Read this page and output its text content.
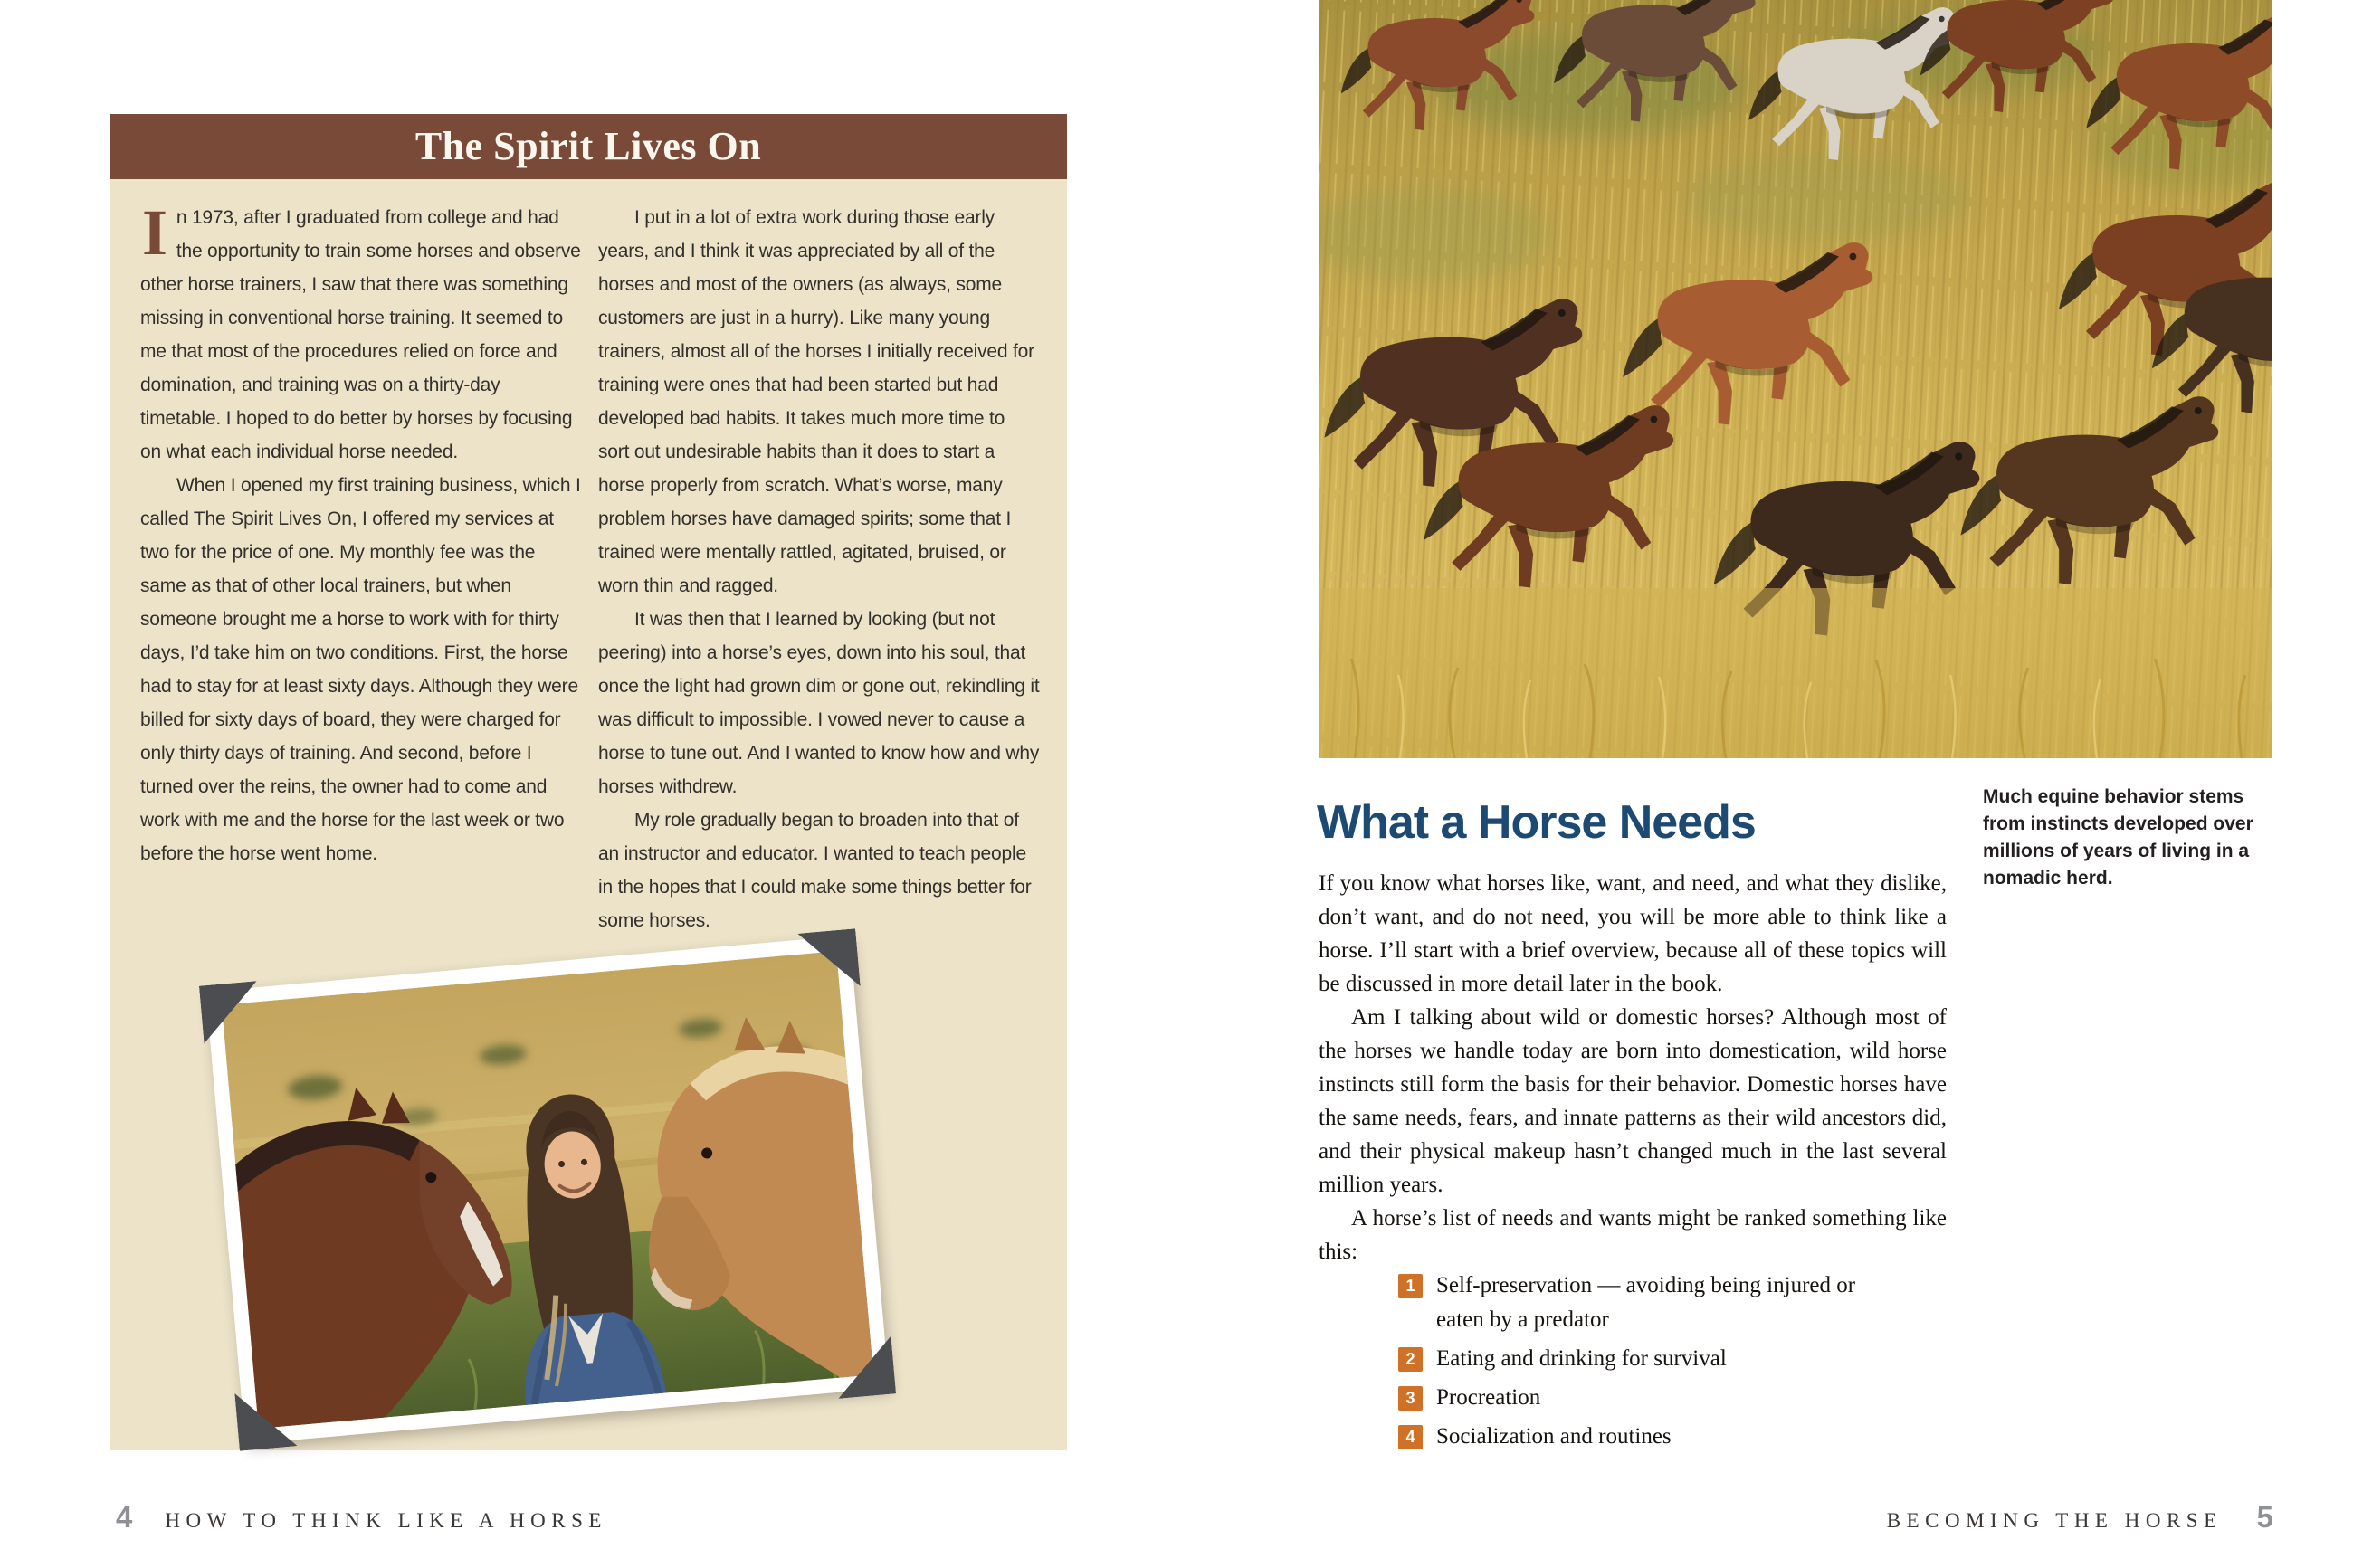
The Spirit Lives On

In 1973, after I graduated from college and had the opportunity to train some horses and observe other horse trainers, I saw that there was something missing in conventional horse training. It seemed to me that most of the procedures relied on force and domination, and training was on a thirty-day timetable. I hoped to do better by horses by focusing on what each individual horse needed.

When I opened my first training business, which I called The Spirit Lives On, I offered my services at two for the price of one. My monthly fee was the same as that of other local trainers, but when someone brought me a horse to work with for thirty days, I’d take him on two conditions. First, the horse had to stay for at least sixty days. Although they were billed for sixty days of board, they were charged for only thirty days of training. And second, before I turned over the reins, the owner had to come and work with me and the horse for the last week or two before the horse went home.

I put in a lot of extra work during those early years, and I think it was appreciated by all of the horses and most of the owners (as always, some customers are just in a hurry). Like many young trainers, almost all of the horses I initially received for training were ones that had been started but had developed bad habits. It takes much more time to sort out undesirable habits than it does to start a horse properly from scratch. What’s worse, many problem horses have damaged spirits; some that I trained were mentally rattled, agitated, bruised, or worn thin and ragged.

It was then that I learned by looking (but not peering) into a horse’s eyes, down into his soul, that once the light had grown dim or gone out, rekindling it was difficult to impossible. I vowed never to cause a horse to tune out. And I wanted to know how and why horses withdrew.

My role gradually began to broaden into that of an instructor and educator. I wanted to teach people in the hopes that I could make some things better for some horses.

4 HOW TO THINK LIKE A HORSE

Much equine behavior stems from instincts developed over millions of years of living in a nomadic herd.

What a Horse Needs

If you know what horses like, want, and need, and what they dislike, don’t want, and do not need, you will be more able to think like a horse. I’ll start with a brief overview, because all of these topics will be discussed in more detail later in the book.

Am I talking about wild or domestic horses? Although most of the horses we handle today are born into domestication, wild horse instincts still form the basis for their behavior. Domestic horses have the same needs, fears, and innate patterns as their wild ancestors did, and their physical makeup hasn’t changed much in the last several million years.

A horse’s list of needs and wants might be ranked something like this:

1 Self-preservation — avoiding being injured or eaten by a predator
2 Eating and drinking for survival
3 Procreation
4 Socialization and routines
BECOMING THE HORSE 5
